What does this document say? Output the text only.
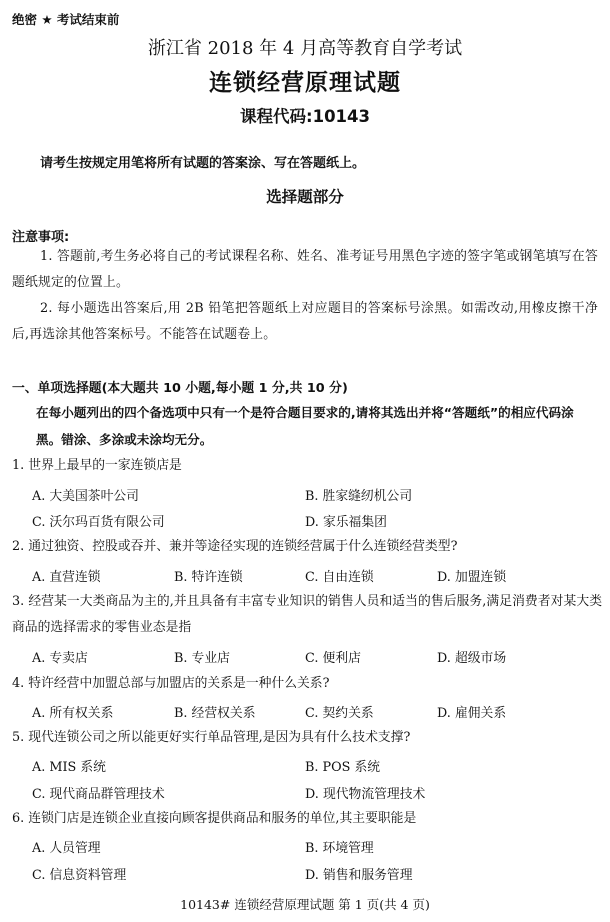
绝密 ★ 考试结束前
浙江省 2018 年 4 月高等教育自学考试
连锁经营原理试题
课程代码:10143
请考生按规定用笔将所有试题的答案涂、写在答题纸上。
选择题部分
注意事项:
1. 答题前,考生务必将自己的考试课程名称、姓名、准考证号用黑色字迹的签字笔或钢笔填写在答题纸规定的位置上。
2. 每小题选出答案后,用 2B 铅笔把答题纸上对应题目的答案标号涂黑。如需改动,用橡皮擦干净后,再选涂其他答案标号。不能答在试题卷上。
一、单项选择题(本大题共 10 小题,每小题 1 分,共 10 分)
在每小题列出的四个备选项中只有一个是符合题目要求的,请将其选出并将“答题纸”的相应代码涂黑。错涂、多涂或未涂均无分。
1. 世界上最早的一家连锁店是
A. 大美国茶叶公司	B. 胜家缝纫机公司
C. 沃尔玛百货有限公司	D. 家乐福集团
2. 通过独资、控股或吞并、兼并等途径实现的连锁经营属于什么连锁经营类型?
A. 直营连锁	B. 特许连锁	C. 自由连锁	D. 加盟连锁
3. 经营某一大类商品为主的,并且具备有丰富专业知识的销售人员和适当的售后服务,满足消费者对某大类商品的选择需求的零售业态是指
A. 专卖店	B. 专业店	C. 便利店	D. 超级市场
4. 特许经营中加盟总部与加盟店的关系是一种什么关系?
A. 所有权关系	B. 经营权关系	C. 契约关系	D. 雇佣关系
5. 现代连锁公司之所以能更好实行单品管理,是因为具有什么技术支撑?
A. MIS 系统	B. POS 系统
C. 现代商品群管理技术	D. 现代物流管理技术
6. 连锁门店是连锁企业直接向顾客提供商品和服务的单位,其主要职能是
A. 人员管理	B. 环境管理
C. 信息资料管理	D. 销售和服务管理
10143# 连锁经营原理试题 第 1 页(共 4 页)
